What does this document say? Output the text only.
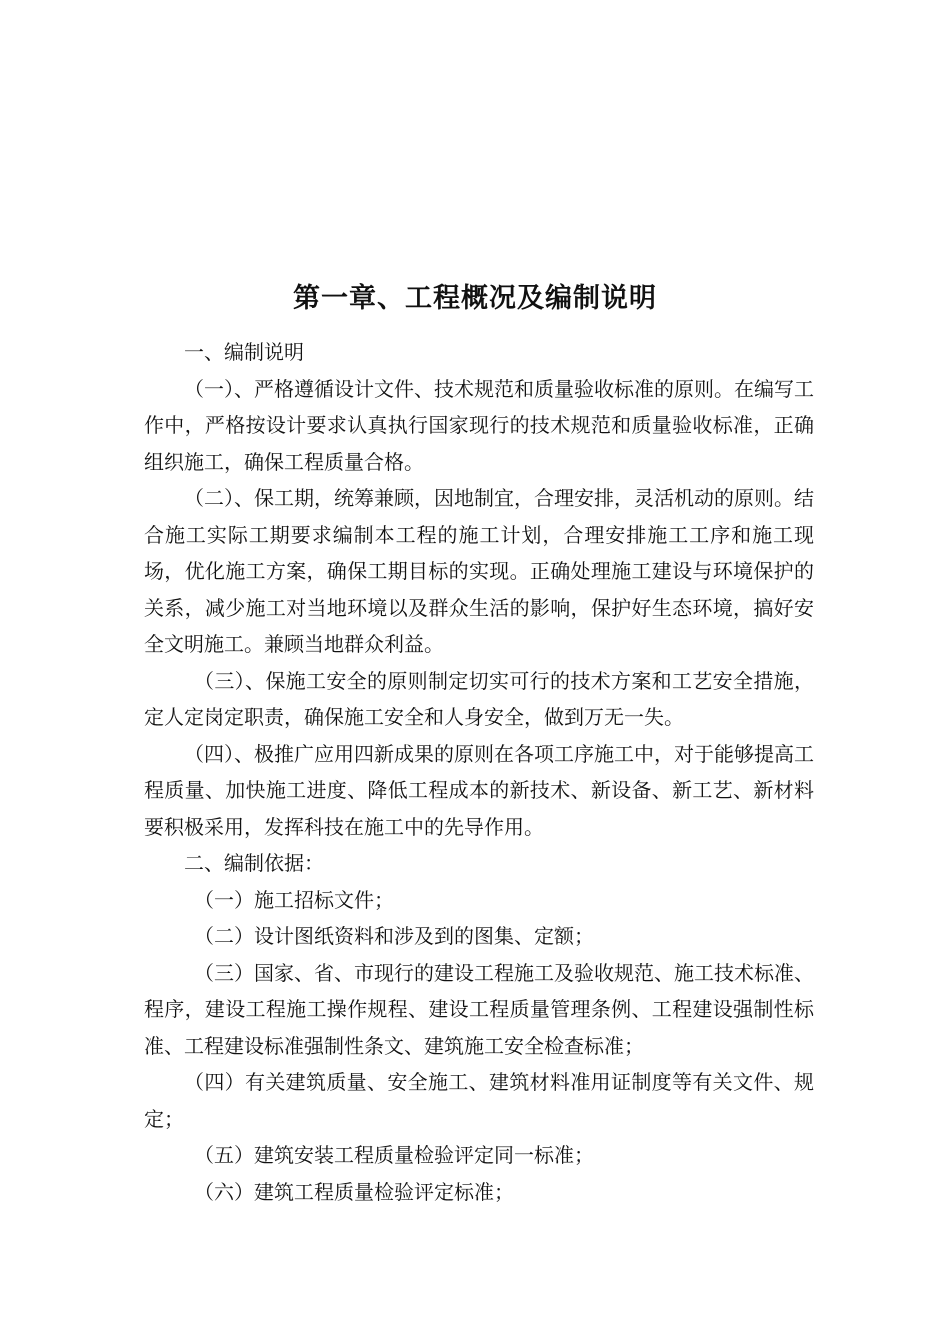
第一章、工程概况及编制说明

一、编制说明

（一）、严格遵循设计文件、技术规范和质量验收标准的原则。在编写工作中，严格按设计要求认真执行国家现行的技术规范和质量验收标准，正确组织施工，确保工程质量合格。

（二）、保工期，统筹兼顾，因地制宜，合理安排，灵活机动的原则。结合施工实际工期要求编制本工程的施工计划，合理安排施工工序和施工现场，优化施工方案，确保工期目标的实现。正确处理施工建设与环境保护的关系，减少施工对当地环境以及群众生活的影响，保护好生态环境，搞好安全文明施工。兼顾当地群众利益。

（三）、保施工安全的原则制定切实可行的技术方案和工艺安全措施，定人定岗定职责，确保施工安全和人身安全，做到万无一失。

（四）、极推广应用四新成果的原则在各项工序施工中，对于能够提高工程质量、加快施工进度、降低工程成本的新技术、新设备、新工艺、新材料要积极采用，发挥科技在施工中的先导作用。

二、编制依据：

（一）施工招标文件；

（二）设计图纸资料和涉及到的图集、定额；

（三）国家、省、市现行的建设工程施工及验收规范、施工技术标准、程序，建设工程施工操作规程、建设工程质量管理条例、工程建设强制性标准、工程建设标准强制性条文、建筑施工安全检查标准；

（四）有关建筑质量、安全施工、建筑材料准用证制度等有关文件、规定；

（五）建筑安装工程质量检验评定同一标准；

（六）建筑工程质量检验评定标准；
